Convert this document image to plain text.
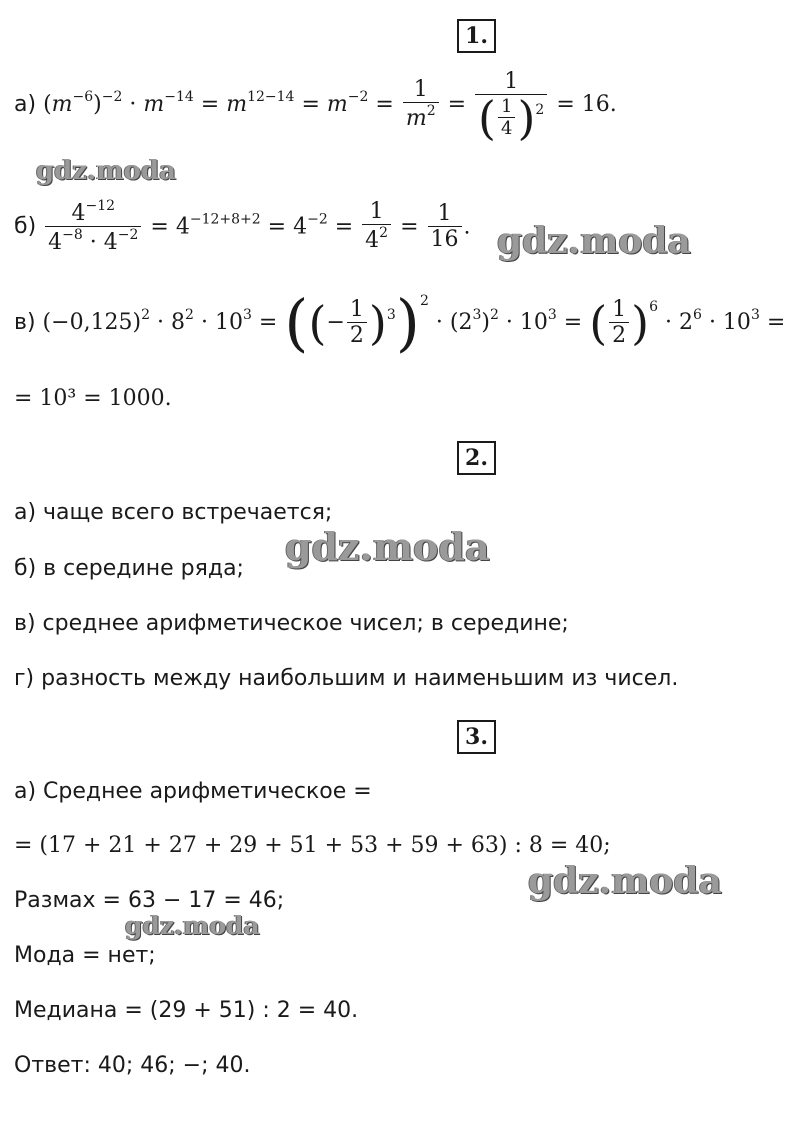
1.
2.
3.
а) $(m^{-6})^{-2} \cdot m^{-14} = m^{12-14} = m^{-2} = \frac{1}{m^2} = \frac{1}{( \frac{1}{4} )^2} = 16$.
б)
$\frac{4^{-12}}{4^{-8} \cdot 4^{-2}} = 4^{-12+8+2} = 4^{-2} = \frac{1}{4^2} = \frac{1}{16}$ .
в) $(-0,125)^2 \cdot 8^2 \cdot 10^3$ = ((− $\frac{1}{2} )^3)^2 \cdot (2^3)^2 \cdot 10^3$ = ( $\frac{1}{2} )^6 \cdot 2^6 \cdot 10^3$ =
= 10³ = 1000.
а) чаще всего встречается;
б) в середине ряда;
в) среднее арифметическое чисел; в середине;
г) разность между наибольшим и наименьшим из чисел.
а) Среднее арифметическое =
= (17 + 21 + 27 + 29 + 51 + 53 + 59 + 63) : 8 = 40;
Размах = 63 − 17 = 46;
Мода = нет;
Медиана = (29 + 51) : 2 = 40.
Ответ: 40; 46; −; 40.
gdz.moda
gdz.moda
gdz.moda
gdz.moda
gdz.moda
